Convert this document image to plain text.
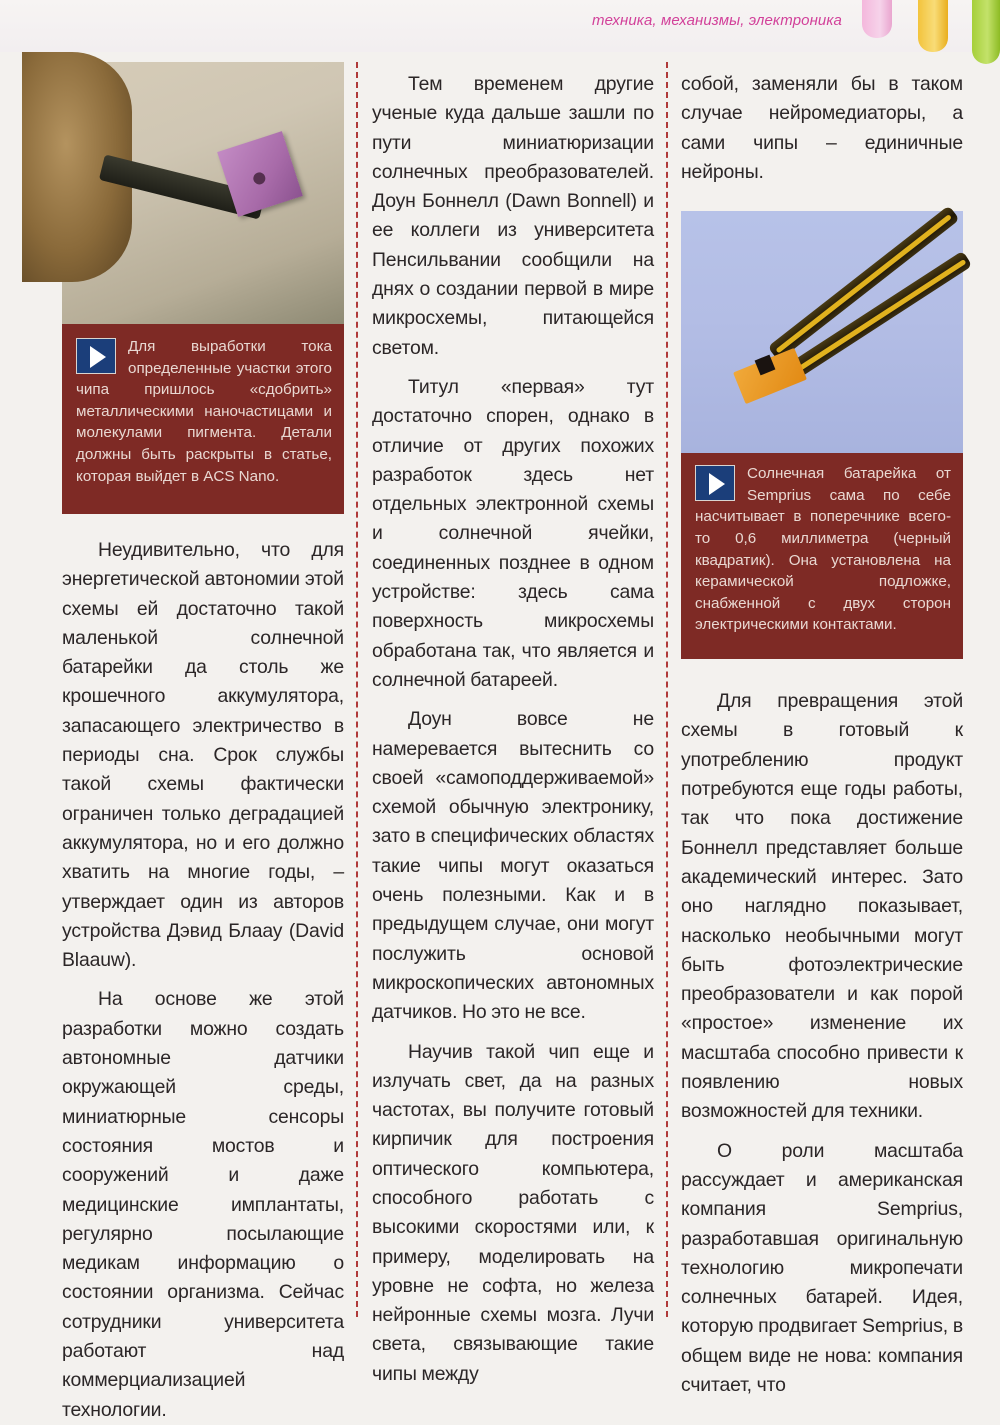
техника, механизмы, электроника
Для выработки тока определенные участки этого чипа пришлось «сдобрить» металлическими наночастицами и молекулами пигмента. Детали должны быть раскрыты в статье, которая выйдет в ACS Nano.

Неудивительно, что для энергетической автономии этой схемы ей достаточно такой маленькой солнечной батарейки да столь же крошечного аккумулятора, запасающего электричество в периоды сна. Срок службы такой схемы фактически ограничен только деградацией аккумулятора, но и его должно хватить на многие годы, – утверждает один из авторов устройства Дэвид Блаау (David Blaauw).

На основе же этой разработки можно создать автономные датчики окружающей среды, миниатюрные сенсоры состояния мостов и сооружений и даже медицинские имплантаты, регулярно посылающие медикам информацию о состоянии организма. Сейчас сотрудники университета работают над коммерциализацией технологии.

Тем временем другие ученые куда дальше зашли по пути миниатюризации солнечных преобразователей. Доун Боннелл (Dawn Bonnell) и ее коллеги из университета Пенсильвании сообщили на днях о создании первой в мире микросхемы, питающейся светом.

Титул «первая» тут достаточно спорен, однако в отличие от других похожих разработок здесь нет отдельных электронной схемы и солнечной ячейки, соединенных позднее в одном устройстве: здесь сама поверхность микросхемы обработана так, что является и солнечной батареей.

Доун вовсе не намеревается вытеснить со своей «самоподдерживаемой» схемой обычную электронику, зато в специфических областях такие чипы могут оказаться очень полезными. Как и в предыдущем случае, они могут послужить основой микроскопических автономных датчиков. Но это не все.

Научив такой чип еще и излучать свет, да на разных частотах, вы получите готовый кирпичик для построения оптического компьютера, способного работать с высокими скоростями или, к примеру, моделировать на уровне не софта, но железа нейронные схемы мозга. Лучи света, связывающие такие чипы между

собой, заменяли бы в таком случае нейромедиаторы, а сами чипы – единичные нейроны.

Солнечная батарейка от Semprius сама по себе насчитывает в поперечнике всего-то 0,6 миллиметра (черный квадратик). Она установлена на керамической подложке, снабженной с двух сторон электрическими контактами.

Для превращения этой схемы в готовый к употреблению продукт потребуются еще годы работы, так что пока достижение Боннелл представляет больше академический интерес. Зато оно наглядно показывает, насколько необычными могут быть фотоэлектрические преобразователи и как порой «простое» изменение их масштаба способно привести к появлению новых возможностей для техники.

О роли масштаба рассуждает и американская компания Semprius, разработавшая оригинальную технологию микропечати солнечных батарей. Идея, которую продвигает Semprius, в общем виде не нова: компания считает, что
